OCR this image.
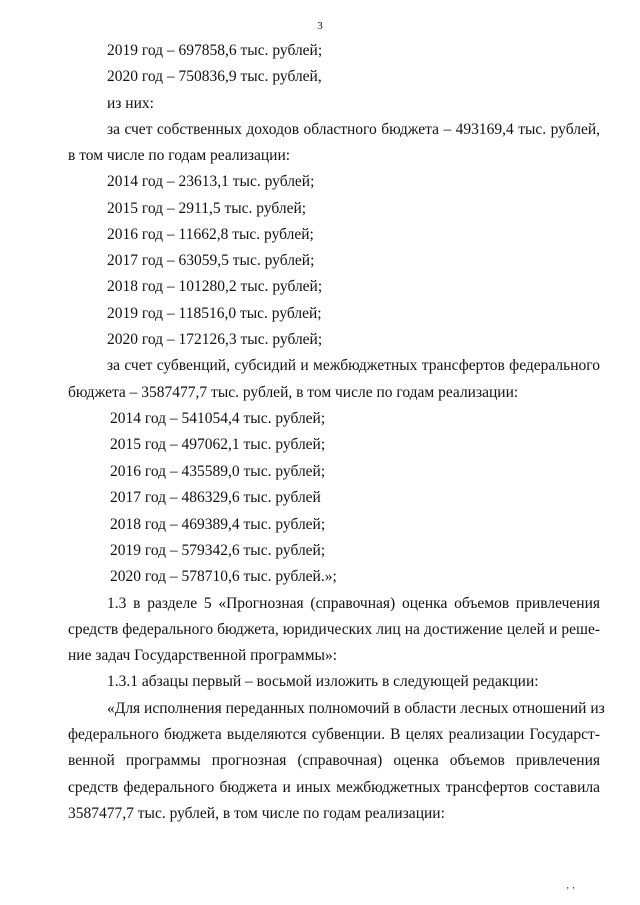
3
2019 год – 697858,6 тыс. рублей;
2020 год – 750836,9 тыс. рублей,
из них:
за счет собственных доходов областного бюджета – 493169,4 тыс. рублей,
в том числе по годам реализации:
2014 год – 23613,1 тыс. рублей;
2015 год – 2911,5 тыс. рублей;
2016 год – 11662,8 тыс. рублей;
2017 год – 63059,5 тыс. рублей;
2018 год – 101280,2 тыс. рублей;
2019 год – 118516,0 тыс. рублей;
2020 год – 172126,3 тыс. рублей;
за счет субвенций, субсидий и межбюджетных трансфертов федерального
бюджета – 3587477,7 тыс. рублей, в том числе по годам реализации:
2014 год – 541054,4 тыс. рублей;
2015 год – 497062,1 тыс. рублей;
2016 год – 435589,0 тыс. рублей;
2017 год – 486329,6 тыс. рублей
2018 год – 469389,4 тыс. рублей;
2019 год – 579342,6 тыс. рублей;
2020 год – 578710,6 тыс. рублей.»;
1.3 в разделе 5 «Прогнозная (справочная) оценка объемов привлечения
средств федерального бюджета, юридических лиц на достижение целей и реше-
ние задач Государственной программы»:
1.3.1 абзацы первый – восьмой изложить в следующей редакции:
«Для исполнения переданных полномочий в области лесных отношений из
федерального бюджета выделяются субвенции. В целях реализации Государст-
венной программы прогнозная (справочная) оценка объемов привлечения
средств федерального бюджета и иных межбюджетных трансфертов составила
3587477,7 тыс. рублей, в том числе по годам реализации:
‚ ‚
